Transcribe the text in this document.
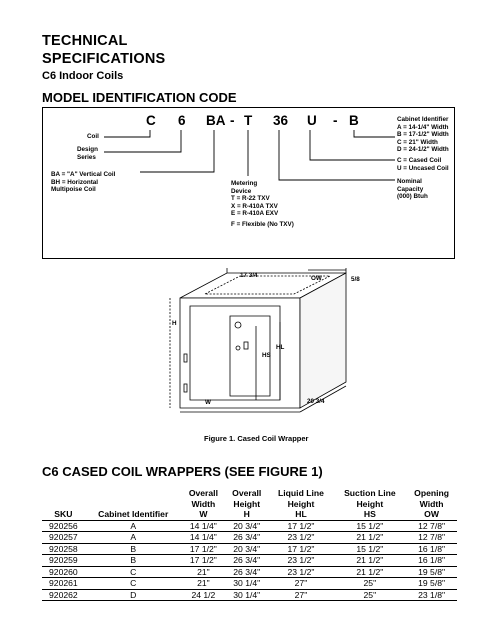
TECHNICAL
SPECIFICATIONS
C6 Indoor Coils
MODEL IDENTIFICATION CODE
C 6 BA - T 36 U - B
Coil
Design
Series
BA = "A" Vertical Coil
BH = Horizontal
Multipoise Coil
Metering
Device
T = R-22 TXV
X = R-410A TXV
E = R-410A EXV
F = Flexible (No TXV)
Cabinet Identifier
A = 14-1/4" Width
B = 17-1/2" Width
C = 21" Width
D = 24-1/2" Width
C = Cased Coil
U = Uncased Coil
Nominal
Capacity
(000) Btuh
17 3/4	OW	5/8
H
HL
HS
W	20 3/4
Figure 1. Cased Coil Wrapper
C6 CASED COIL WRAPPERS (SEE FIGURE 1)
		Overall	Overall	Liquid Line	Suction Line	Opening
		Width	Height	Height	Height	Width
SKU	Cabinet Identifier	W	H	HL	HS	OW
920256	A	14 1/4"	20 3/4"	17 1/2"	15 1/2"	12 7/8"
920257	A	14 1/4"	26 3/4"	23 1/2"	21 1/2"	12 7/8"
920258	B	17 1/2"	20 3/4"	17 1/2"	15 1/2"	16 1/8"
920259	B	17 1/2"	26 3/4"	23 1/2"	21 1/2"	16 1/8"
920260	C	21"	26 3/4"	23 1/2"	21 1/2"	19 5/8"
920261	C	21"	30 1/4"	27"	25"	19 5/8"
920262	D	24 1/2	30 1/4"	27"	25"	23 1/8"
